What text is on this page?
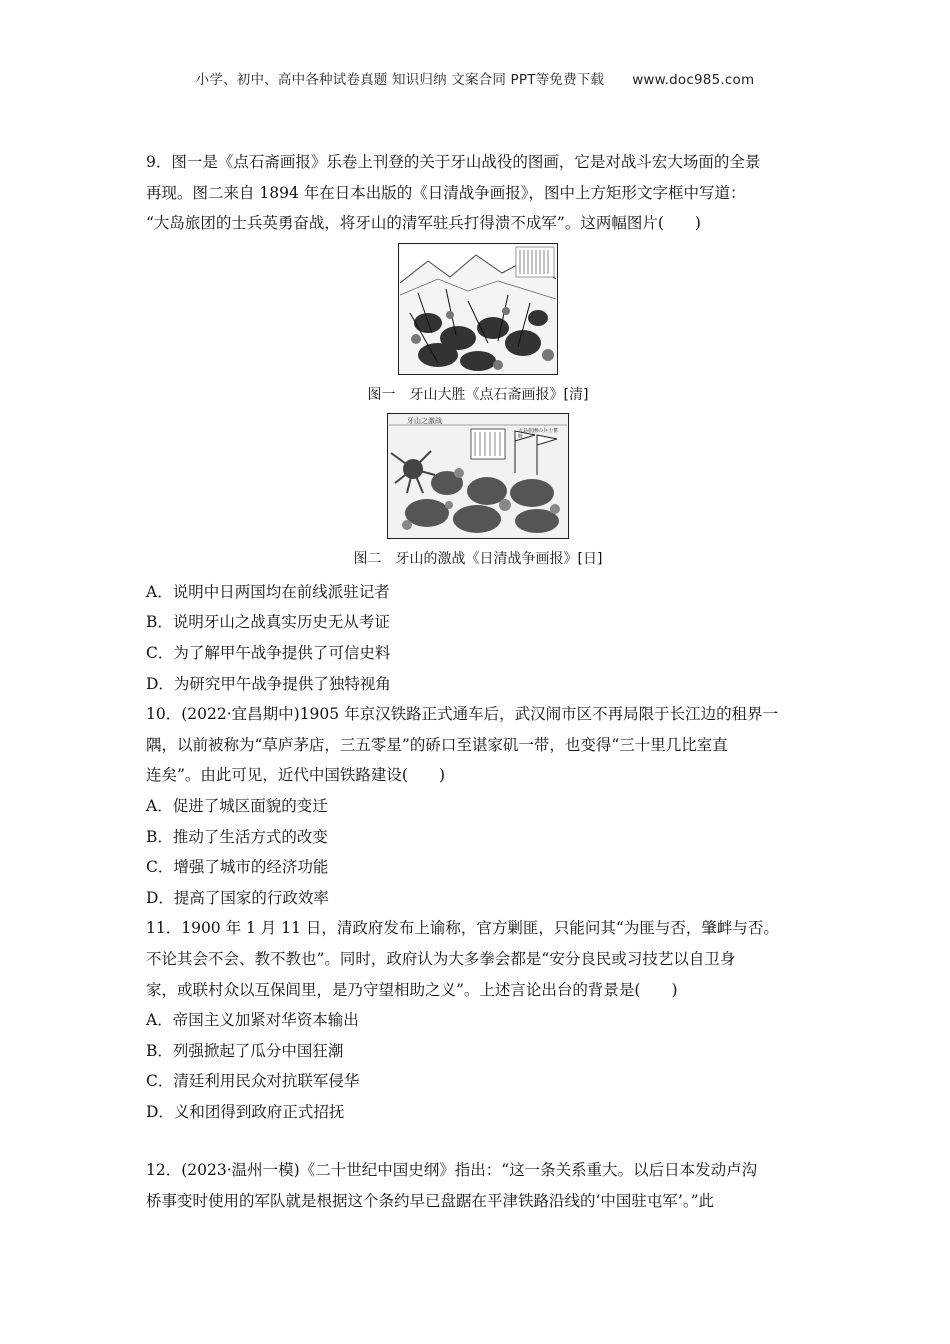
小学、初中、高中各种试卷真题 知识归纳 文案合同 PPT等免费下载 www.doc985.com

9．图一是《点石斋画报》乐卷上刊登的关于牙山战役的图画，它是对战斗宏大场面的全景

再现。图二来自 1894 年在日本出版的《日清战争画报》，图中上方矩形文字框中写道：

“大岛旅团的士兵英勇奋战，将牙山的清军驻兵打得溃不成军”。这两幅图片(　　)

图一　牙山大胜《点石斋画报》[清]
牙山之激战
图二　牙山的激战《日清战争画报》[日]

A．说明中日两国均在前线派驻记者

B．说明牙山之战真实历史无从考证

C．为了解甲午战争提供了可信史料

D．为研究甲午战争提供了独特视角

10．(2022·宜昌期中)1905 年京汉铁路正式通车后，武汉闹市区不再局限于长江边的租界一

隅，以前被称为“草庐茅店，三五零星”的硚口至谌家矶一带，也变得“三十里几比室直

连矣”。由此可见，近代中国铁路建设(　　)

A．促进了城区面貌的变迁

B．推动了生活方式的改变

C．增强了城市的经济功能

D．提高了国家的行政效率

11．1900 年 1 月 11 日，清政府发布上谕称，官方剿匪，只能问其“为匪与否，肇衅与否。

不论其会不会、教不教也”。同时，政府认为大多拳会都是“安分良民或习技艺以自卫身

家，或联村众以互保闾里，是乃守望相助之义”。上述言论出台的背景是(　　)

A．帝国主义加紧对华资本输出

B．列强掀起了瓜分中国狂潮

C．清廷利用民众对抗联军侵华

D．义和团得到政府正式招抚

12．(2023·温州一模)《二十世纪中国史纲》指出：“这一条关系重大。以后日本发动卢沟

桥事变时使用的军队就是根据这个条约早已盘踞在平津铁路沿线的‘中国驻屯军’。”此

大島旅團の兵士奮戰
